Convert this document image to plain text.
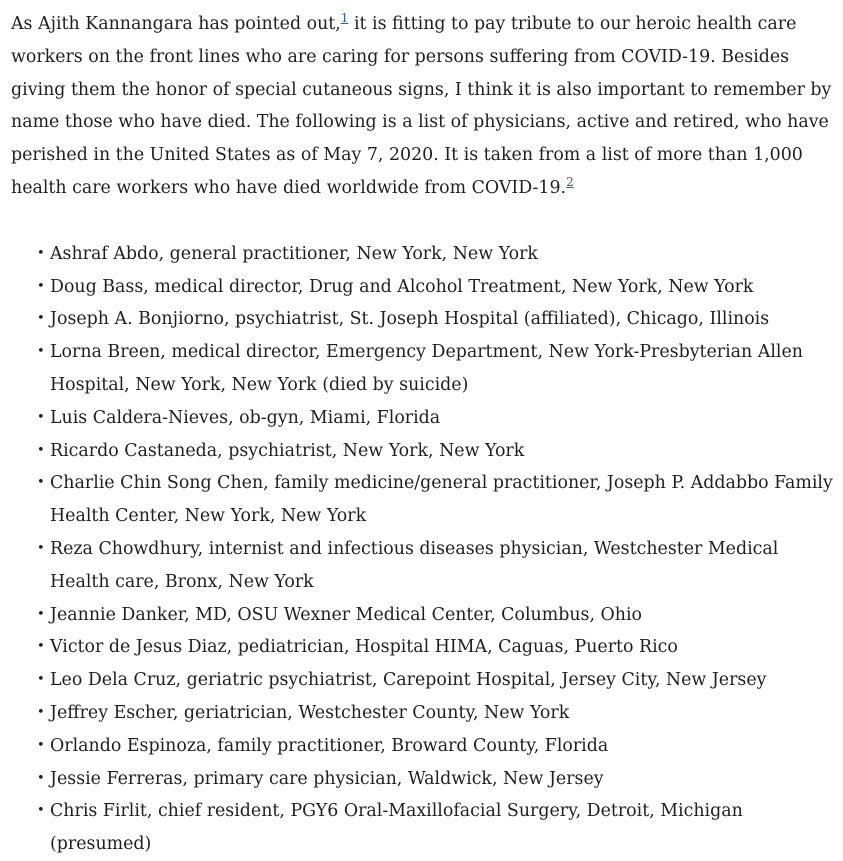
As Ajith Kannangara has pointed out,$^1$ it is fitting to pay tribute to our heroic health care workers on the front lines who are caring for persons suffering from COVID-19. Besides giving them the honor of special cutaneous signs, I think it is also important to remember by name those who have died. The following is a list of physicians, active and retired, who have perished in the United States as of May 7, 2020. It is taken from a list of more than 1,000 health care workers who have died worldwide from COVID-19.$^2$

• Ashraf Abdo, general practitioner, New York, New York
• Doug Bass, medical director, Drug and Alcohol Treatment, New York, New York
• Joseph A. Bonjiorno, psychiatrist, St. Joseph Hospital (affiliated), Chicago, Illinois
• Lorna Breen, medical director, Emergency Department, New York-Presbyterian Allen Hospital, New York, New York (died by suicide)
• Luis Caldera-Nieves, ob-gyn, Miami, Florida
• Ricardo Castaneda, psychiatrist, New York, New York
• Charlie Chin Song Chen, family medicine/general practitioner, Joseph P. Addabbo Family Health Center, New York, New York
• Reza Chowdhury, internist and infectious diseases physician, Westchester Medical Health care, Bronx, New York
• Jeannie Danker, MD, OSU Wexner Medical Center, Columbus, Ohio
• Victor de Jesus Diaz, pediatrician, Hospital HIMA, Caguas, Puerto Rico
• Leo Dela Cruz, geriatric psychiatrist, Carepoint Hospital, Jersey City, New Jersey
• Jeffrey Escher, geriatrician, Westchester County, New York
• Orlando Espinoza, family practitioner, Broward County, Florida
• Jessie Ferreras, primary care physician, Waldwick, New Jersey
• Chris Firlit, chief resident, PGY6 Oral-Maxillofacial Surgery, Detroit, Michigan (presumed)
